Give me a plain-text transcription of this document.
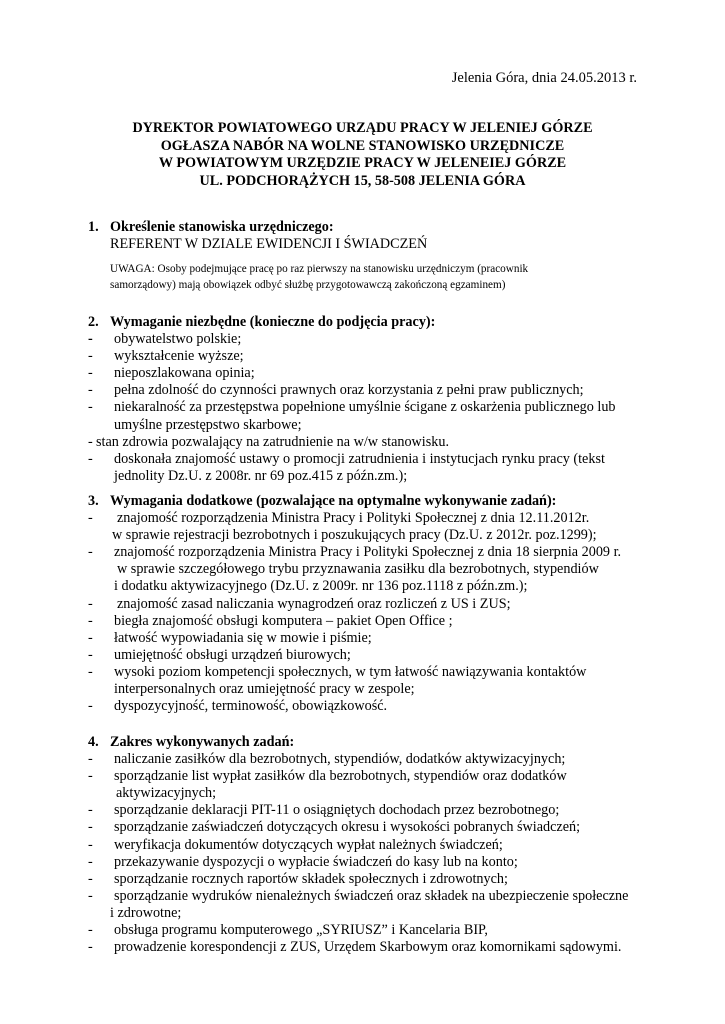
Jelenia Góra, dnia 24.05.2013 r.
DYREKTOR POWIATOWEGO URZĄDU PRACY W JELENIEJ GÓRZE
OGŁASZA NABÓR NA WOLNE STANOWISKO URZĘDNICZE
W POWIATOWYM URZĘDZIE PRACY W JELENEIEJ GÓRZE
UL. PODCHORĄŻYCH 15, 58-508 JELENIA GÓRA
1. Określenie stanowiska urzędniczego:
REFERENT W DZIALE EWIDENCJI I ŚWIADCZEŃ
UWAGA: Osoby podejmujące pracę po raz pierwszy na stanowisku urzędniczym (pracownik
samorządowy) mają obowiązek odbyć służbę przygotowawczą zakończoną egzaminem)
2. Wymaganie niezbędne (konieczne do podjęcia pracy):
- obywatelstwo polskie;
- wykształcenie wyższe;
- nieposzlakowana opinia;
- pełna zdolność do czynności prawnych oraz korzystania z pełni praw publicznych;
- niekaralność za przestępstwa popełnione umyślnie ścigane z oskarżenia publicznego lub
umyślne przestępstwo skarbowe;
- stan zdrowia pozwalający na zatrudnienie na w/w stanowisku.
- doskonała znajomość ustawy o promocji zatrudnienia i instytucjach rynku pracy (tekst
jednolity Dz.U. z 2008r. nr 69 poz.415 z późn.zm.);
3. Wymagania dodatkowe (pozwalające na optymalne wykonywanie zadań):
- znajomość rozporządzenia Ministra Pracy i Polityki Społecznej z dnia 12.11.2012r.
w sprawie rejestracji bezrobotnych i poszukujących pracy (Dz.U. z 2012r. poz.1299);
- znajomość rozporządzenia Ministra Pracy i Polityki Społecznej z dnia 18 sierpnia 2009 r.
w sprawie szczegółowego trybu przyznawania zasiłku dla bezrobotnych, stypendiów
i dodatku aktywizacyjnego (Dz.U. z 2009r. nr 136 poz.1118 z późn.zm.);
- znajomość zasad naliczania wynagrodzeń oraz rozliczeń z US i ZUS;
- biegła znajomość obsługi komputera – pakiet Open Office ;
- łatwość wypowiadania się w mowie i piśmie;
- umiejętność obsługi urządzeń biurowych;
- wysoki poziom kompetencji społecznych, w tym łatwość nawiązywania kontaktów
interpersonalnych oraz umiejętność pracy w zespole;
- dyspozycyjność, terminowość, obowiązkowość.
4. Zakres wykonywanych zadań:
- naliczanie zasiłków dla bezrobotnych, stypendiów, dodatków aktywizacyjnych;
- sporządzanie list wypłat zasiłków dla bezrobotnych, stypendiów oraz dodatków
aktywizacyjnych;
- sporządzanie deklaracji PIT-11 o osiągniętych dochodach przez bezrobotnego;
- sporządzanie zaświadczeń dotyczących okresu i wysokości pobranych świadczeń;
- weryfikacja dokumentów dotyczących wypłat należnych świadczeń;
- przekazywanie dyspozycji o wypłacie świadczeń do kasy lub na konto;
- sporządzanie rocznych raportów składek społecznych i zdrowotnych;
- sporządzanie wydruków nienależnych świadczeń oraz składek na ubezpieczenie społeczne
i zdrowotne;
- obsługa programu komputerowego „SYRIUSZ” i Kancelaria BIP,
- prowadzenie korespondencji z ZUS, Urzędem Skarbowym oraz komornikami sądowymi.
